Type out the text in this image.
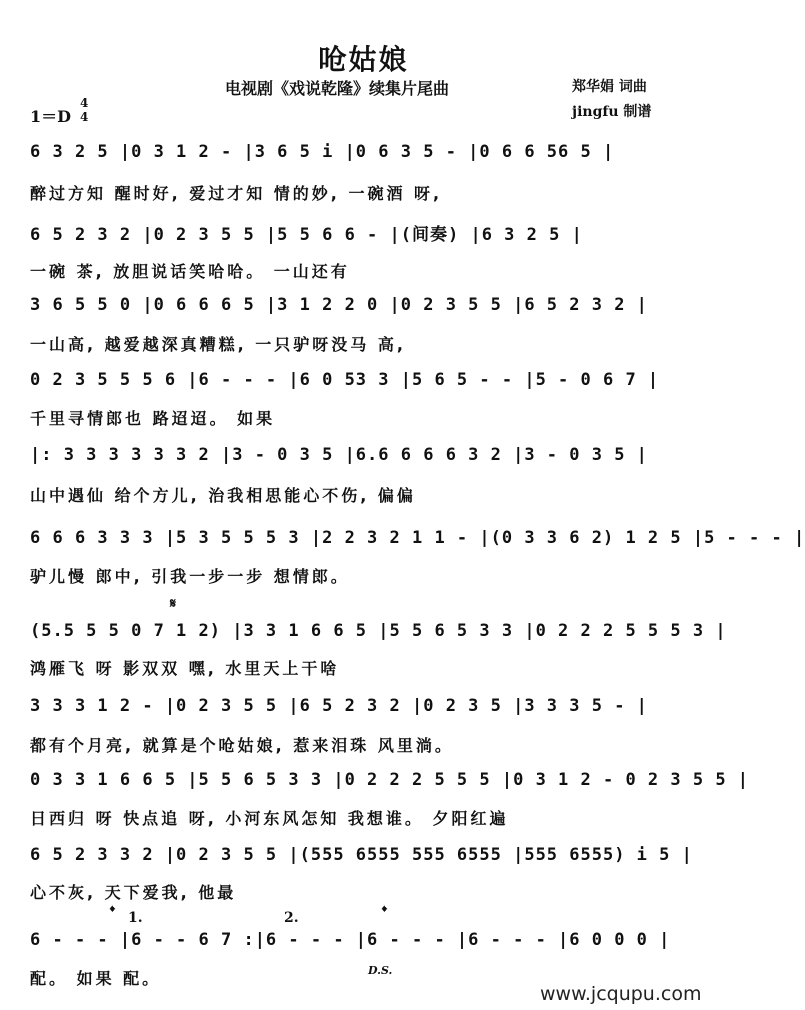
呛姑娘
电视剧《戏说乾隆》续集片尾曲	郑华娟 词曲
jingfu 制谱
1＝D
4
4
6 3 2 5 |0 3 1 2 - |3 6 5 i |0 6 3 5 - |0 6 6 56 5 |
醉过方知 醒时好, 爱过才知 情的妙, 一碗酒 呀,
6 5 2 3 2 |0 2 3 5 5 |5 5 6 6 - |(间奏) |6 3 2 5 |
一碗 茶, 放胆说话笑哈哈。 一山还有
3 6 5 5 0 |0 6 6 6 5 |3 1 2 2 0 |0 2 3 5 5 |6 5 2 3 2 |
一山高, 越爱越深真糟糕, 一只驴呀没马 高,
0 2 3 5 5 5 6 |6 - - - |6 0 53 3 |5 6 5 - - |5 - 0 6 7 |
千里寻情郎也 路迢迢。 如果
|: 3 3 3 3 3 3 2 |3 - 0 3 5 |6.6 6 6 6 3 2 |3 - 0 3 5 |
山中遇仙 给个方儿, 治我相思能心不伤, 偏偏
6 6 6 3 3 3 |5 3 5 5 5 3 |2 2 3 2 1 1 - |(0 3 3 6 2) 1 2 5 |5 - - - |
驴儿慢 郎中, 引我一步一步 想情郎。
𝄋
(5.5 5 5 0 7 1 2) |3 3 1 6 6 5 |5 5 6 5 3 3 |0 2 2 2 5 5 5 3 |
鸿雁飞 呀 影双双 嘿, 水里天上干啥
3 3 3 1 2 - |0 2 3 5 5 |6 5 2 3 2 |0 2 3 5 |3 3 3 5 - |
都有个月亮, 就算是个呛姑娘, 惹来泪珠 风里淌。
0 3 3 1 6 6 5 |5 5 6 5 3 3 |0 2 2 2 5 5 5 |0 3 1 2 - 0 2 3 5 5 |
日西归 呀 快点追 呀, 小河东风怎知 我想谁。 夕阳红遍
6 5 2 3 3 2 |0 2 3 5 5 |(555 6555 555 6555 |555 6555) i 5 |
心不灰, 天下爱我, 他最
𝄌 1.	2.	𝄌
6 - - - |6 - - 6 7 :|6 - - - |6 - - - |6 - - - |6 0 0 0 |
配。 如果 配。	D.S.
www.jcqupu.com
